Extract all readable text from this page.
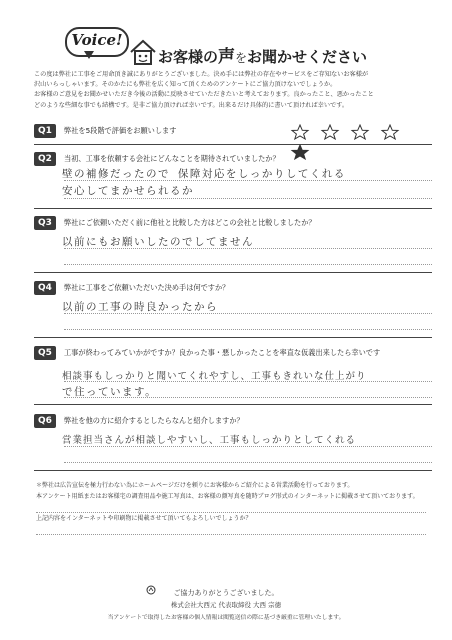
Voice!
お客様の声をお聞かせください
この度は弊社に工事をご用命頂き誠にありがとうございました。決め手には弊社の存在やサービスをご存知ないお客様が
沢山いらっしゃいます。そのかたにも弊社を広く知って頂くためのアンケートにご協力頂けないでしょうか。
お客様のご意見をお聞かせいただき今後の活動に反映させていただきたいと考えております。良かったこと、悪かったこと
どのような些細な事でも結構です。是非ご協力頂ければ幸いです。出来るだけ具体的に書いて頂ければ幸いです。
Q1	弊社を5段階で評価をお願いします

Q2	当初、工事を依頼する会社にどんなことを期待されていましたか？
壁の補修だったので 保障対応をしっかりしてくれる
安心してまかせられるか
Q3	弊社にご依頼いただく前に他社と比較した方はどこの会社と比較しましたか？
以前にもお願いしたのでしてません
Q4	弊社に工事をご依頼いただいた決め手は何ですか？
以前の工事の時良かったから
Q5	工事が終わってみていかがですか？良かった事・悪しかったことを率直な仮義出来したら幸いです
相談事もしっかりと聞いてくれやすし、工事もきれいな仕上がり
で住っています。
Q6	弊社を他の方に紹介するとしたらなんと紹介しますか？
営業担当さんが相談しやすいし、工事もしっかりとしてくれる
＊弊社は広告宣伝を極力行わない為にホームページだけを頼りにお客様からご紹介による営業活動を行っております。
本アンケート用紙またはお客様宅の調査用品や施工写真は、お客様の顔写真を随時ブログ形式のインターネットに掲載させて頂いております。
上記内容をインターネットや印刷物に掲載させて頂いてもよろしいでしょうか？
ご協力ありがとうございました。
株式会社大西元 代表取締役 大西 宗徳
当アンケートで取得したお客様の個人情報は閲覧送信の際に基づき厳重に管理いたします。
